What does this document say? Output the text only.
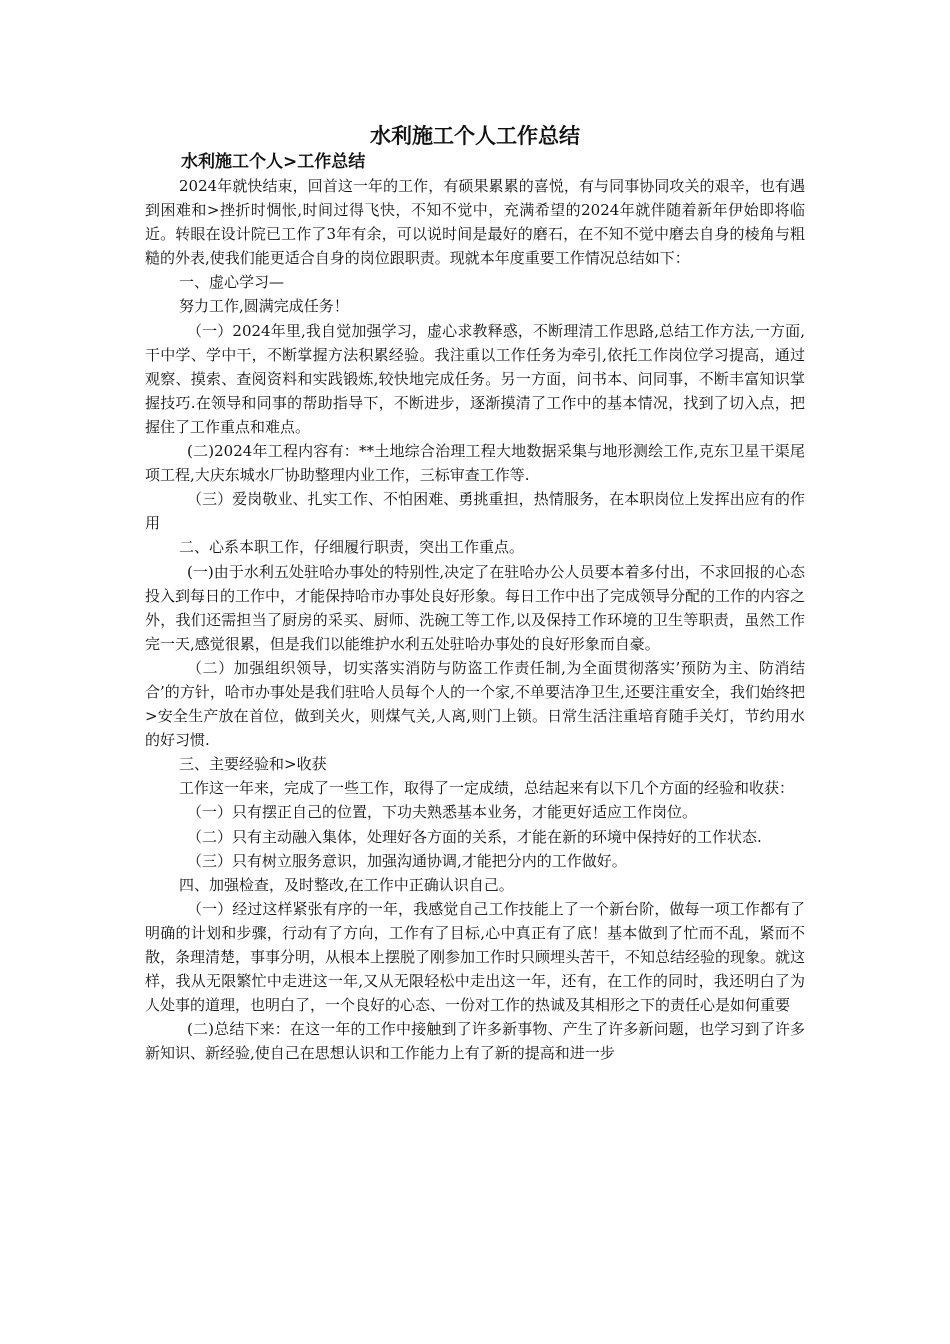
水利施工个人工作总结
水利施工个人>工作总结

2024年就快结束，回首这一年的工作，有硕果累累的喜悦，有与同事协同攻关的艰辛，也有遇到困难和>挫折时惆怅,时间过得飞快，不知不觉中，充满希望的2024年就伴随着新年伊始即将临近。转眼在设计院已工作了3年有余，可以说时间是最好的磨石，在不知不觉中磨去自身的棱角与粗糙的外表,使我们能更适合自身的岗位跟职责。现就本年度重要工作情况总结如下：

一、虚心学习—

努力工作,圆满完成任务！

（一）2024年里,我自觉加强学习，虚心求教释惑，不断理清工作思路,总结工作方法,一方面,干中学、学中干，不断掌握方法积累经验。我注重以工作任务为牵引,依托工作岗位学习提高，通过观察、摸索、查阅资料和实践锻炼,较快地完成任务。另一方面，问书本、问同事，不断丰富知识掌握技巧.在领导和同事的帮助指导下，不断进步，逐渐摸清了工作中的基本情况，找到了切入点，把握住了工作重点和难点。

(二)2024年工程内容有：**土地综合治理工程大地数据采集与地形测绘工作,克东卫星干渠尾项工程,大庆东城水厂协助整理内业工作，三标审查工作等.

（三）爱岗敬业、扎实工作、不怕困难、勇挑重担，热情服务，在本职岗位上发挥出应有的作用

二、心系本职工作，仔细履行职责，突出工作重点。

(一)由于水利五处驻哈办事处的特别性,决定了在驻哈办公人员要本着多付出，不求回报的心态投入到每日的工作中，才能保持哈市办事处良好形象。每日工作中出了完成领导分配的工作的内容之外，我们还需担当了厨房的采买、厨师、洗碗工等工作,以及保持工作环境的卫生等职责，虽然工作完一天,感觉很累，但是我们以能维护水利五处驻哈办事处的良好形象而自豪。

（二）加强组织领导，切实落实消防与防盗工作责任制,为全面贯彻落实’预防为主、防消结合’的方针，哈市办事处是我们驻哈人员每个人的一个家,不单要洁净卫生,还要注重安全，我们始终把>安全生产放在首位，做到关火，则煤气关,人离,则门上锁。日常生活注重培育随手关灯，节约用水的好习惯.

三、主要经验和>收获

工作这一年来，完成了一些工作，取得了一定成绩，总结起来有以下几个方面的经验和收获：

（一）只有摆正自己的位置，下功夫熟悉基本业务，才能更好适应工作岗位。

（二）只有主动融入集体，处理好各方面的关系，才能在新的环境中保持好的工作状态.

（三）只有树立服务意识，加强沟通协调,才能把分内的工作做好。

四、加强检查，及时整改,在工作中正确认识自己。

（一）经过这样紧张有序的一年，我感觉自己工作技能上了一个新台阶，做每一项工作都有了明确的计划和步骤，行动有了方向，工作有了目标,心中真正有了底！基本做到了忙而不乱，紧而不散，条理清楚，事事分明，从根本上摆脱了刚参加工作时只顾埋头苦干，不知总结经验的现象。就这样，我从无限繁忙中走进这一年,又从无限轻松中走出这一年，还有，在工作的同时，我还明白了为人处事的道理，也明白了，一个良好的心态、一份对工作的热诚及其相形之下的责任心是如何重要

(二)总结下来：在这一年的工作中接触到了许多新事物、产生了许多新问题，也学习到了许多新知识、新经验,使自己在思想认识和工作能力上有了新的提高和进一步
